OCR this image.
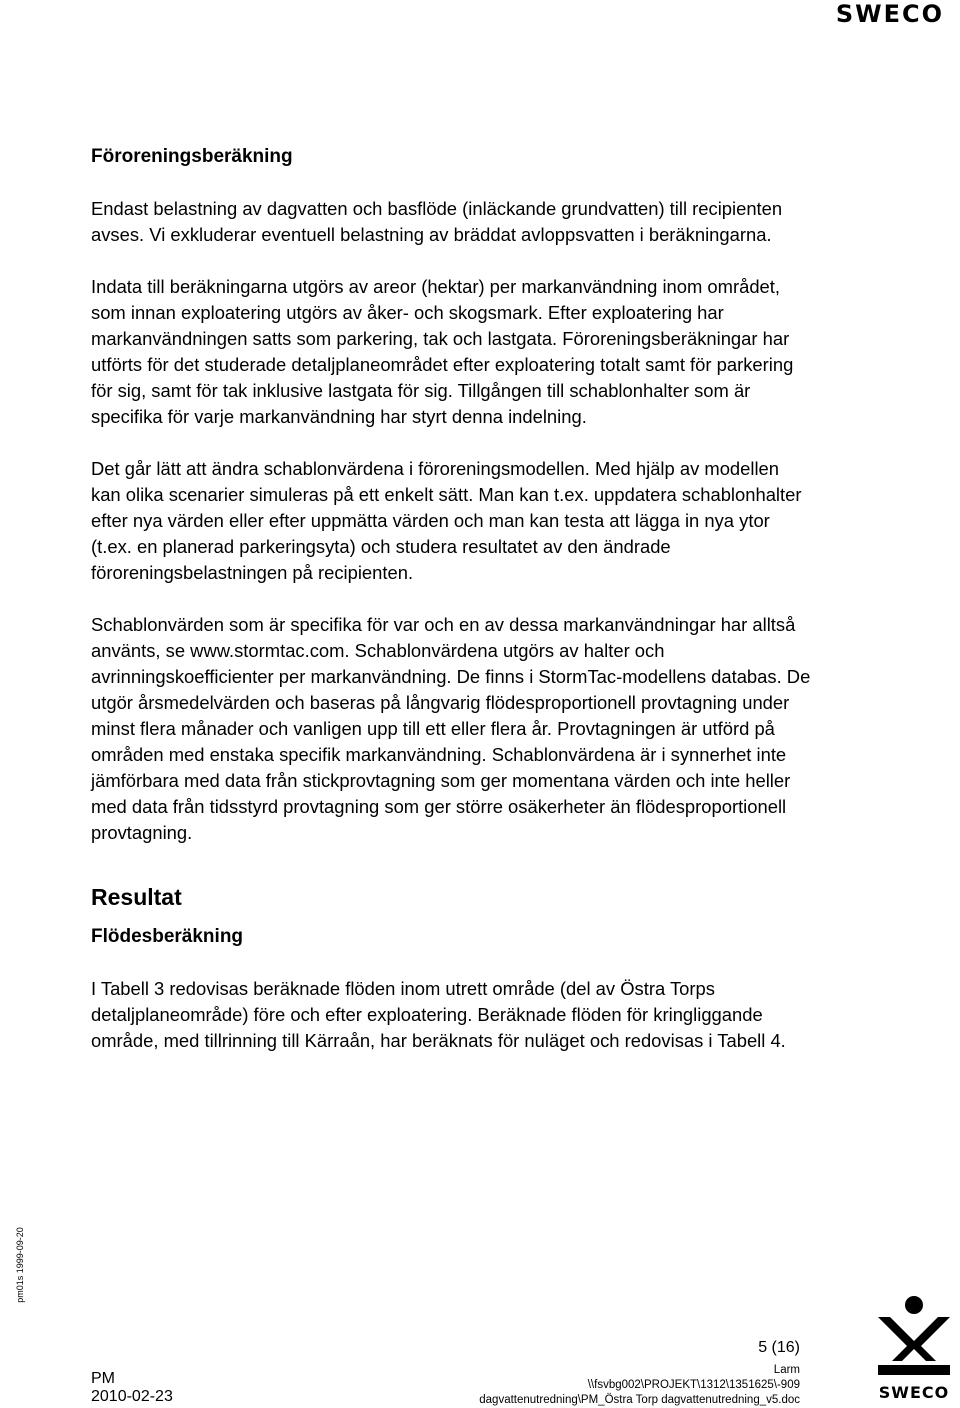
SWECO
Föroreningsberäkning

Endast belastning av dagvatten och basflöde (inläckande grundvatten) till recipienten avses. Vi exkluderar eventuell belastning av bräddat avloppsvatten i beräkningarna.

Indata till beräkningarna utgörs av areor (hektar) per markanvändning inom området, som innan exploatering utgörs av åker- och skogsmark. Efter exploatering har markanvändningen satts som parkering, tak och lastgata. Föroreningsberäkningar har utförts för det studerade detaljplaneområdet efter exploatering totalt samt för parkering för sig, samt för tak inklusive lastgata för sig. Tillgången till schablonhalter som är specifika för varje markanvändning har styrt denna indelning.

Det går lätt att ändra schablonvärdena i föroreningsmodellen. Med hjälp av modellen kan olika scenarier simuleras på ett enkelt sätt. Man kan t.ex. uppdatera schablonhalter efter nya värden eller efter uppmätta värden och man kan testa att lägga in nya ytor (t.ex. en planerad parkeringsyta) och studera resultatet av den ändrade föroreningsbelastningen på recipienten.

Schablonvärden som är specifika för var och en av dessa markanvändningar har alltså använts, se www.stormtac.com. Schablonvärdena utgörs av halter och avrinningskoefficienter per markanvändning. De finns i StormTac-modellens databas. De utgör årsmedelvärden och baseras på långvarig flödesproportionell provtagning under minst flera månader och vanligen upp till ett eller flera år. Provtagningen är utförd på områden med enstaka specifik markanvändning. Schablonvärdena är i synnerhet inte jämförbara med data från stickprovtagning som ger momentana värden och inte heller med data från tidsstyrd provtagning som ger större osäkerheter än flödesproportionell provtagning.

Resultat
Flödesberäkning

I Tabell 3 redovisas beräknade flöden inom utrett område (del av Östra Torps detaljplaneområde) före och efter exploatering. Beräknade flöden för kringliggande område, med tillrinning till Kärraån, har beräknats för nuläget och redovisas i Tabell 4.

pm01s 1999-09-20
PM
2010-02-23
5 (16)
Larm
\\fsvbg002\PROJEKT\1312\1351625\-909
dagvattenutredning\PM_Östra Torp dagvattenutredning_v5.doc	SWECO
